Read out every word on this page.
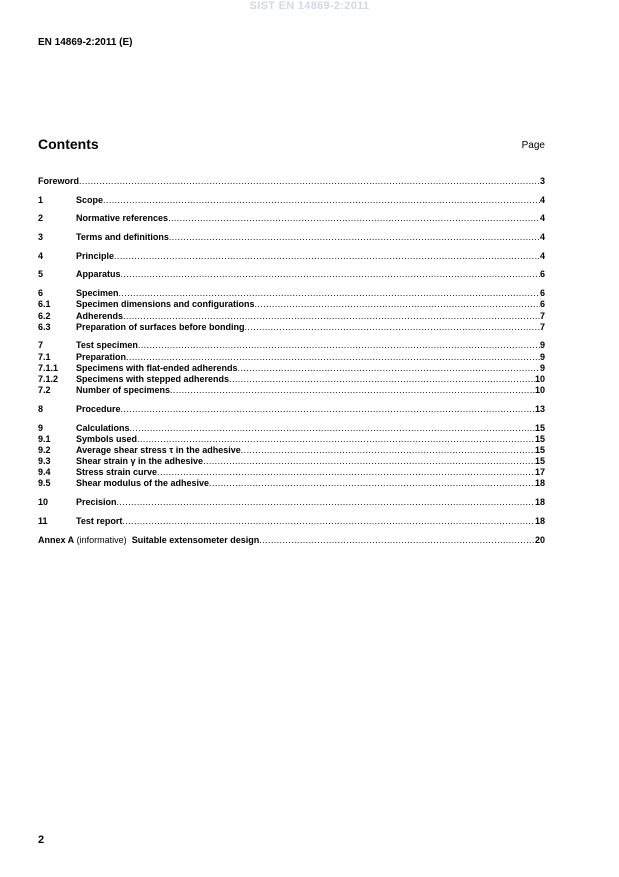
SIST EN 14869-2:2011
EN 14869-2:2011 (E)
Contents	Page
Foreword .....	3
1	Scope .....	4
2	Normative references .....	4
3	Terms and definitions .....	4
4	Principle .....	4
5	Apparatus .....	6
6	Specimen .....	6
6.1	Specimen dimensions and configurations .....	6
6.2	Adherends .....	7
6.3	Preparation of surfaces before bonding .....	7
7	Test specimen .....	9
7.1	Preparation .....	9
7.1.1	Specimens with flat-ended adherends .....	9
7.1.2	Specimens with stepped adherends .....	10
7.2	Number of specimens .....	10
8	Procedure .....	13
9	Calculations .....	15
9.1	Symbols used .....	15
9.2	Average shear stress τ in the adhesive .....	15
9.3	Shear strain γ in the adhesive .....	15
9.4	Stress strain curve .....	17
9.5	Shear modulus of the adhesive .....	18
10	Precision .....	18
11	Test report .....	18
Annex A (informative)  Suitable extensometer design .....	20
2
